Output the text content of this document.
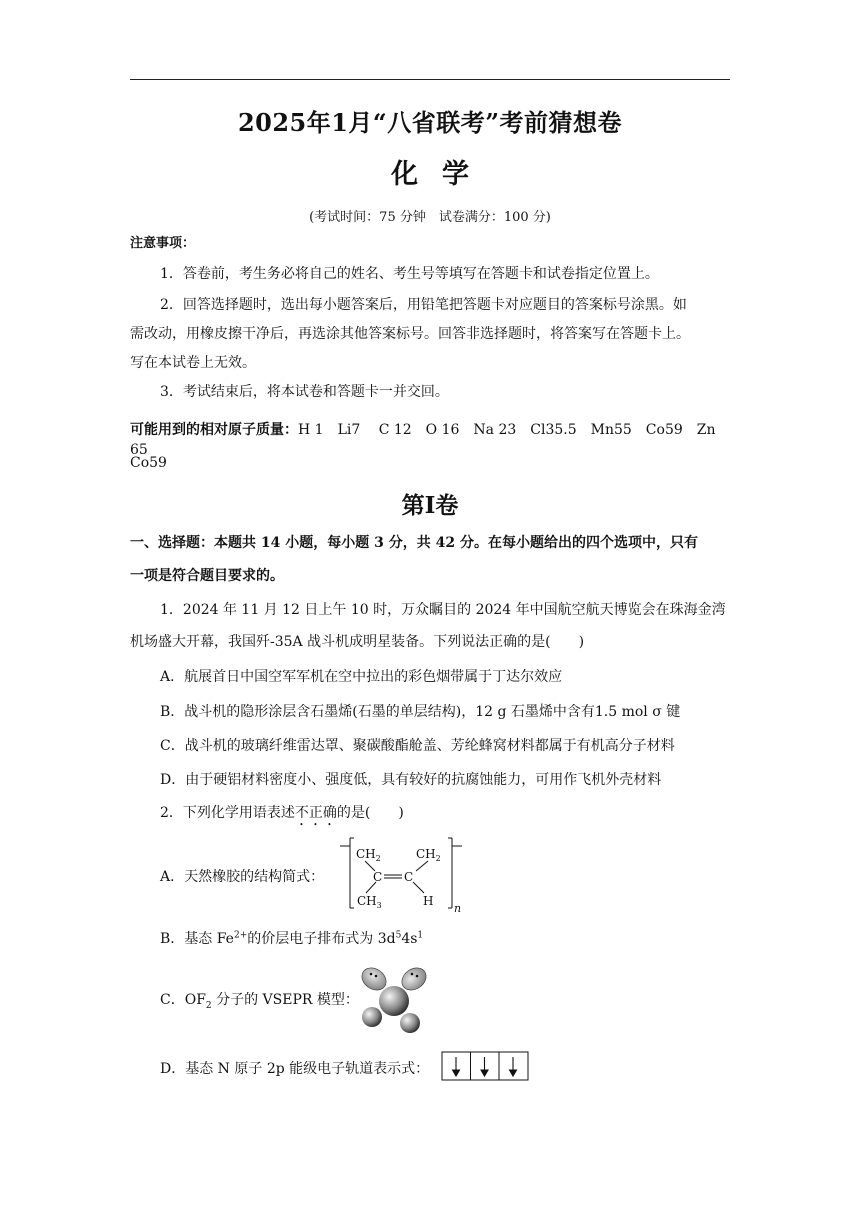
2025年1月“八省联考”考前猜想卷
化学
(考试时间：75 分钟　试卷满分：100 分)
注意事项：
1．答卷前，考生务必将自己的姓名、考生号等填写在答题卡和试卷指定位置上。
2．回答选择题时，选出每小题答案后，用铅笔把答题卡对应题目的答案标号涂黑。如
需改动，用橡皮擦干净后，再选涂其他答案标号。回答非选择题时，将答案写在答题卡上。
写在本试卷上无效。
3．考试结束后，将本试卷和答题卡一并交回。
可能用到的相对原子质量：H 1　Li7　 C 12　O 16　Na 23　Cl35.5　Mn55　Co59　Zn 65
Co59
第Ⅰ卷
一、选择题：本题共 14 小题，每小题 3 分，共 42 分。在每小题给出的四个选项中，只有
一项是符合题目要求的。
1．2024 年 11 月 12 日上午 10 时，万众瞩目的 2024 年中国航空航天博览会在珠海金湾
机场盛大开幕，我国歼-35A 战斗机成明星装备。下列说法正确的是(　　)
A．航展首日中国空军军机在空中拉出的彩色烟带属于丁达尔效应
B．战斗机的隐形涂层含石墨烯(石墨的单层结构)，12 g 石墨烯中含有1.5 mol σ 键
C．战斗机的玻璃纤维雷达罩、聚碳酸酯舱盖、芳纶蜂窝材料都属于有机高分子材料
D．由于硬铝材料密度小、强度低，具有较好的抗腐蚀能力，可用作飞机外壳材料
2．下列化学用语表述不正确的是(　　)
A．天然橡胶的结构简式：
$CH_2$	$CH_2$
C C
$CH_3$	H
n
B．基态 $Fe^{2+}$的价层电子排布式为 $3d^54s^1$
C．$OF_2$ 分子的 VSEPR 模型：
D．基态 N 原子 2p 能级电子轨道表示式：
